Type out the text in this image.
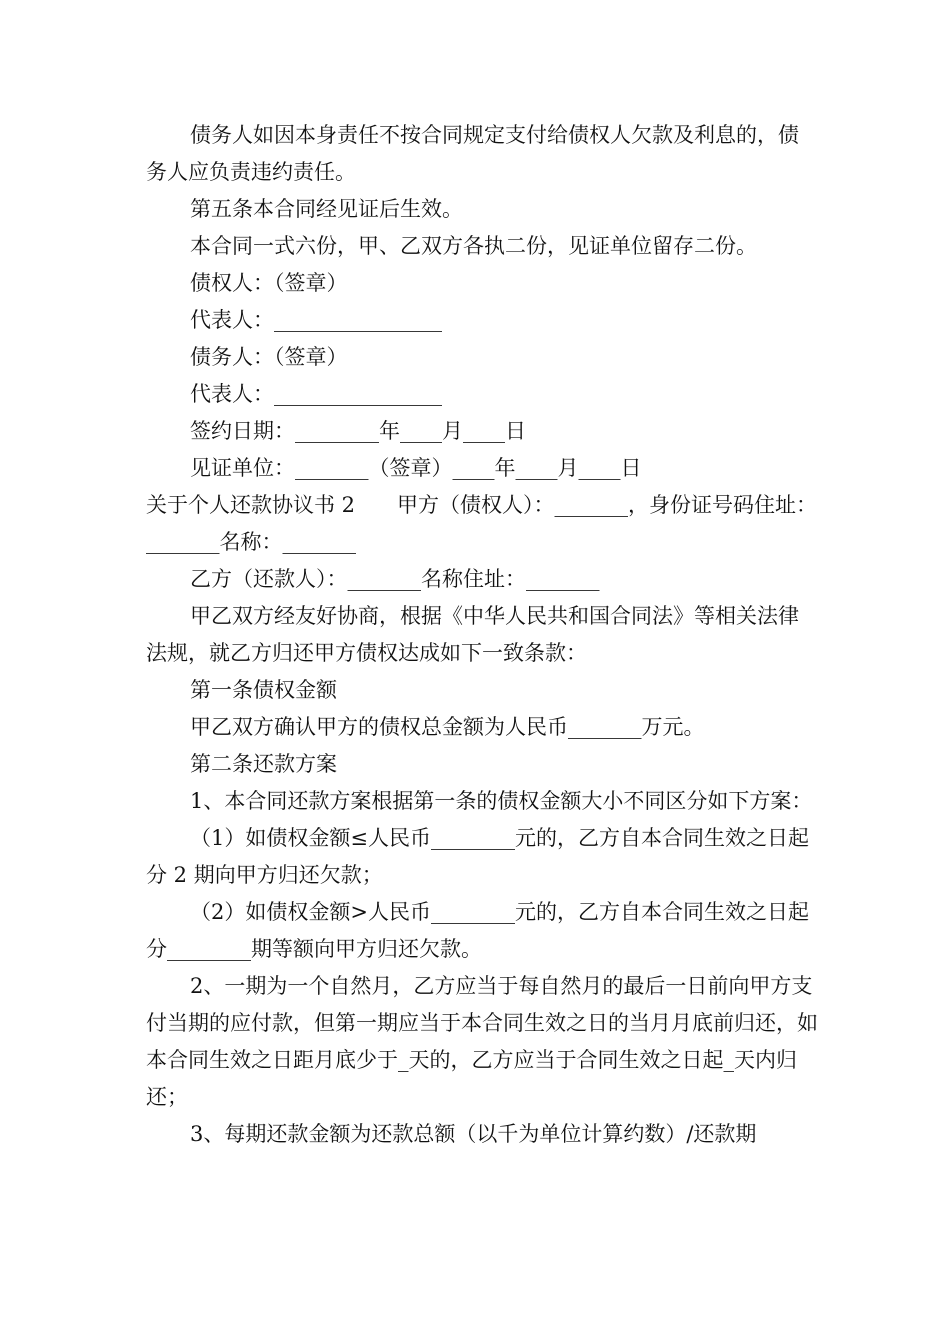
债务人如因本身责任不按合同规定支付给债权人欠款及利息的，债务人应负责违约责任。

第五条本合同经见证后生效。

本合同一式六份，甲、乙双方各执二份，见证单位留存二份。

债权人：（签章）

代表人：________________

债务人：（签章）

代表人：________________

签约日期：________年____月____日

见证单位：_______（签章）____年____月____日

关于个人还款协议书 2　　甲方（债权人）：_______，身份证号码住址：_______名称：_______

乙方（还款人）：_______名称住址：_______

甲乙双方经友好协商，根据《中华人民共和国合同法》等相关法律法规，就乙方归还甲方债权达成如下一致条款：

第一条债权金额

甲乙双方确认甲方的债权总金额为人民币_______万元。

第二条还款方案

1、本合同还款方案根据第一条的债权金额大小不同区分如下方案：

（1）如债权金额≤人民币________元的，乙方自本合同生效之日起分 2 期向甲方归还欠款；

（2）如债权金额>人民币________元的，乙方自本合同生效之日起分________期等额向甲方归还欠款。

2、一期为一个自然月，乙方应当于每自然月的最后一日前向甲方支付当期的应付款，但第一期应当于本合同生效之日的当月月底前归还，如本合同生效之日距月底少于_天的，乙方应当于合同生效之日起_天内归还；

3、每期还款金额为还款总额（以千为单位计算约数）/还款期
